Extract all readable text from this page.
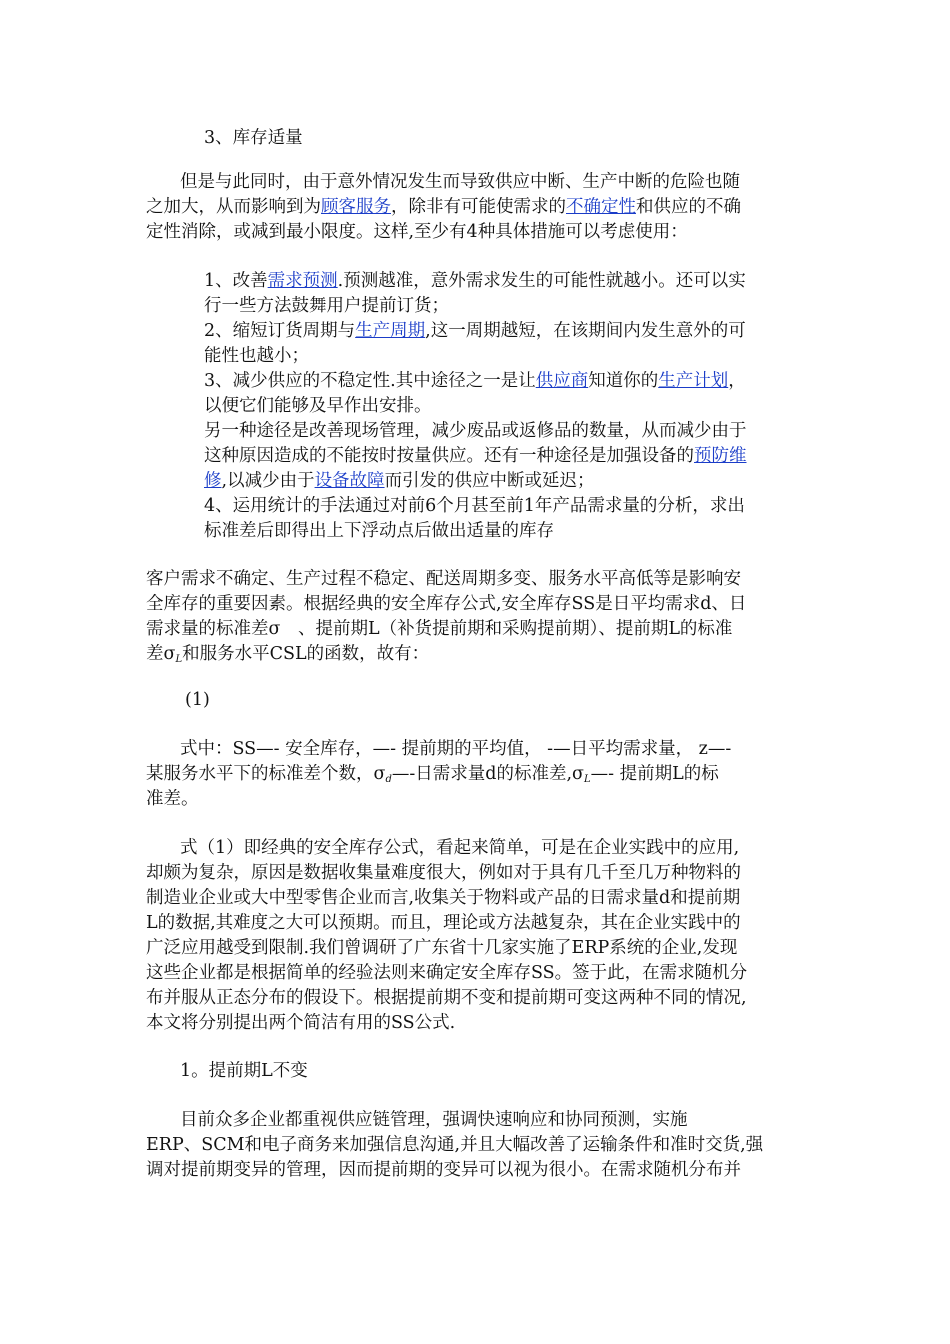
3、库存适量

但是与此同时，由于意外情况发生而导致供应中断、生产中断的危险也随

之加大，从而影响到为顾客服务，除非有可能使需求的不确定性和供应的不确

定性消除，或减到最小限度。这样,至少有4种具体措施可以考虑使用：

1、改善需求预测.预测越准，意外需求发生的可能性就越小。还可以实

行一些方法鼓舞用户提前订货；

2、缩短订货周期与生产周期,这一周期越短，在该期间内发生意外的可

能性也越小；

3、减少供应的不稳定性.其中途径之一是让供应商知道你的生产计划，

以便它们能够及早作出安排。

另一种途径是改善现场管理，减少废品或返修品的数量，从而减少由于

这种原因造成的不能按时按量供应。还有一种途径是加强设备的预防维

修,以减少由于设备故障而引发的供应中断或延迟；

4、运用统计的手法通过对前6个月甚至前1年产品需求量的分析，求出

标准差后即得出上下浮动点后做出适量的库存

客户需求不确定、生产过程不稳定、配送周期多变、服务水平高低等是影响安

全库存的重要因素。根据经典的安全库存公式,安全库存SS是日平均需求d、日

需求量的标准差σ　、提前期L（补货提前期和采购提前期）、提前期L的标准

差$\sigma_L$和服务水平CSL的函数，故有：

(1)

式中：SS—- 安全库存，—- 提前期的平均值， -—日平均需求量， z—-

某服务水平下的标准差个数，$\sigma_d—-$日需求量d的标准差$,\sigma_L—-$ 提前期L的标

准差。

式（1）即经典的安全库存公式，看起来简单，可是在企业实践中的应用,

却颇为复杂，原因是数据收集量难度很大，例如对于具有几千至几万种物料的

制造业企业或大中型零售企业而言,收集关于物料或产品的日需求量d和提前期

L的数据,其难度之大可以预期。而且，理论或方法越复杂，其在企业实践中的

广泛应用越受到限制.我们曾调研了广东省十几家实施了ERP系统的企业,发现

这些企业都是根据简单的经验法则来确定安全库存SS。签于此，在需求随机分

布并服从正态分布的假设下。根据提前期不变和提前期可变这两种不同的情况,

本文将分别提出两个简洁有用的SS公式.

1。提前期L不变

目前众多企业都重视供应链管理，强调快速响应和协同预测，实施

ERP、SCM和电子商务来加强信息沟通,并且大幅改善了运输条件和准时交货,强

调对提前期变异的管理，因而提前期的变异可以视为很小。在需求随机分布并
